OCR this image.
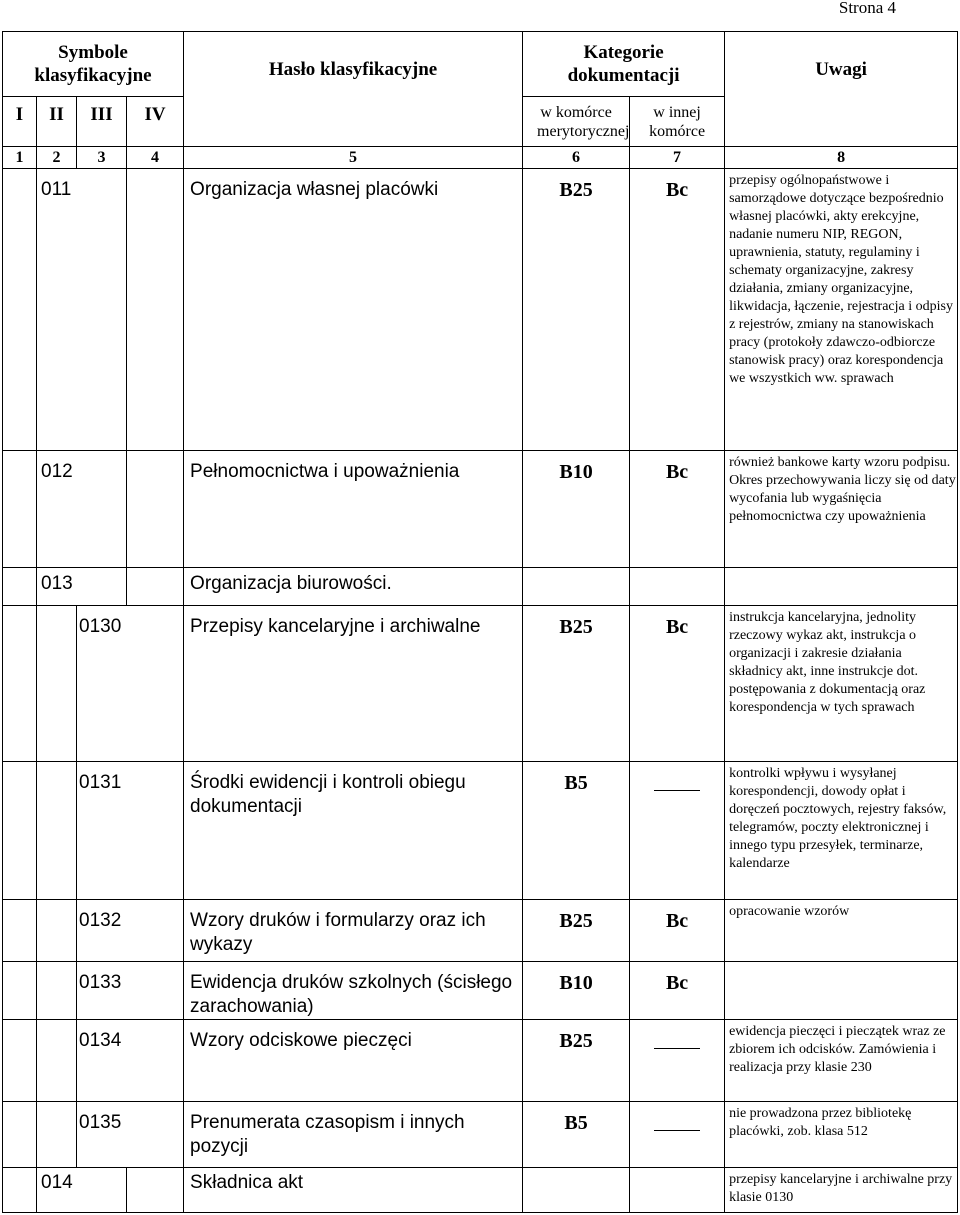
Strona 4
Symbole klasyfikacyjne				Hasło klasyfikacyjne	Kategorie dokumentacji		Uwagi
I	II	III	IV		w komórce merytorycznej	w innej komórce	
1	2	3	4	5	6	7	8
	011			Organizacja własnej placówki	B25	Bc	przepisy ogólnopaństwowe i samorządowe dotyczące bezpośrednio własnej placówki, akty erekcyjne, nadanie numeru NIP, REGON, uprawnienia, statuty, regulaminy i schematy organizacyjne, zakresy działania, zmiany organizacyjne, likwidacja, łączenie, rejestracja i odpisy z rejestrów, zmiany na stanowiskach pracy (protokoły zdawczo-odbiorcze stanowisk pracy) oraz korespondencja we wszystkich ww. sprawach
	012			Pełnomocnictwa i upoważnienia	B10	Bc	również bankowe karty wzoru podpisu. Okres przechowywania liczy się od daty wycofania lub wygaśnięcia pełnomocnictwa czy upoważnienia
	013			Organizacja biurowości.			
		0130		Przepisy kancelaryjne i archiwalne	B25	Bc	instrukcja kancelaryjna, jednolity rzeczowy wykaz akt, instrukcja o organizacji i zakresie działania składnicy akt, inne instrukcje dot. postępowania z dokumentacją oraz korespondencja w tych sprawach
		0131		Środki ewidencji i kontroli obiegu dokumentacji	B5		kontrolki wpływu i wysyłanej korespondencji, dowody opłat i doręczeń pocztowych, rejestry faksów, telegramów, poczty elektronicznej i innego typu przesyłek, terminarze, kalendarze
		0132		Wzory druków i formularzy oraz ich wykazy	B25	Bc	opracowanie wzorów
		0133		Ewidencja druków szkolnych (ścisłego zarachowania)	B10	Bc	
		0134		Wzory odciskowe pieczęci	B25		ewidencja pieczęci i pieczątek wraz ze zbiorem ich odcisków. Zamówienia i realizacja przy klasie 230
		0135		Prenumerata czasopism i innych pozycji	B5		nie prowadzona przez bibliotekę placówki, zob. klasa 512
	014			Składnica akt			przepisy kancelaryjne i archiwalne przy klasie 0130
